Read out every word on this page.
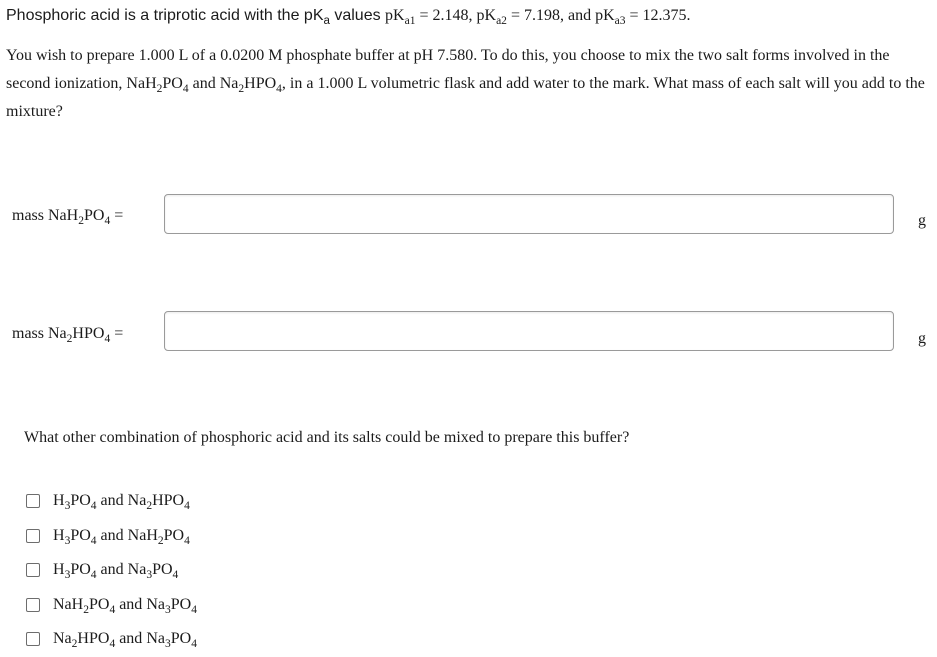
Phosphoric acid is a triprotic acid with the $pK_a$ values $pK_{a1} = 2.148$, $pK_{a2} = 7.198$, and $pK_{a3} = 12.375$.
You wish to prepare 1.000 L of a 0.0200 M phosphate buffer at pH 7.580. To do this, you choose to mix the two salt forms involved in the second ionization, $NaH_2PO_4$ and $Na_2HPO_4$, in a 1.000 L volumetric flask and add water to the mark. What mass of each salt will you add to the mixture?
mass $NaH_2PO_4$ =	g
mass $Na_2HPO_4$ =	g
What other combination of phosphoric acid and its salts could be mixed to prepare this buffer?
$H_3PO_4$ and $Na_2HPO_4$
$H_3PO_4$ and $NaH_2PO_4$
$H_3PO_4$ and $Na_3PO_4$
$NaH_2PO_4$ and $Na_3PO_4$
$Na_2HPO_4$ and $Na_3PO_4$
